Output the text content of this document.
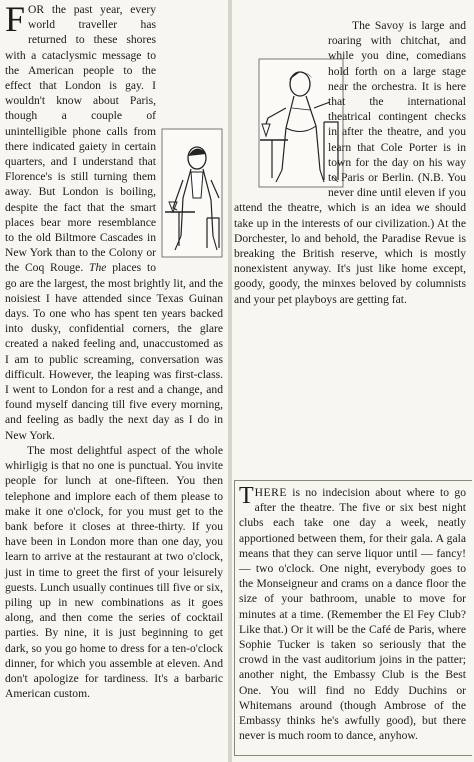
FOR the past year, every world traveller has returned to these shores with a cataclysmic message to the American people to the effect that London is gay. I wouldn't know about Paris, though a couple of unintelligible phone calls from there indicated gaiety in certain quarters, and I understand that Florence's is still turning them away. But London is boiling, despite the fact that the smart places bear more resemblance to the old Biltmore Cascades in New York than to the Colony or the Coq Rouge. The places to go are the largest, the most brightly lit, and the noisiest I have attended since Texas Guinan days. To one who has spent ten years backed into dusky, confidential corners, the glare created a naked feeling and, unaccustomed as I am to public screaming, conversation was difficult. However, the leaping was first-class. I went to London for a rest and a change, and found myself dancing till five every morning, and feeling as badly the next day as I do in New York.

The most delightful aspect of the whole whirligig is that no one is punctual. You invite people for lunch at one-fifteen. You then telephone and implore each of them please to make it one o'clock, for you must get to the bank before it closes at three-thirty. If you have been in London more than one day, you learn to arrive at the restaurant at two o'clock, just in time to greet the first of your leisurely guests. Lunch usually continues till five or six, piling up in new combinations as it goes along, and then come the series of cocktail parties. By nine, it is just beginning to get dark, so you go home to dress for a ten-o'clock dinner, for which you assemble at eleven. And don't apologize for tardiness. It's a barbaric American custom.

The Savoy is large and roaring with chitchat, and while you dine, comedians hold forth on a large stage near the orchestra. It is here that the international theatrical contingent checks in after the theatre, and you learn that Cole Porter is in town for the day on his way to Paris or Berlin. (N.B. You never dine until eleven if you attend the theatre, which is an idea we should take up in the interests of our civilization.) At the Dorchester, lo and behold, the Paradise Revue is breaking the British reserve, which is mostly nonexistent anyway. It's just like home except, goody, goody, the minxes beloved by columnists and your pet playboys are getting fat.

THERE is no indecision about where to go after the theatre. The five or six best night clubs each take one day a week, neatly apportioned between them, for their gala. A gala means that they can serve liquor until — fancy! — two o'clock. One night, everybody goes to the Monseigneur and crams on a dance floor the size of your bathroom, unable to move for minutes at a time. (Remember the El Fey Club? Like that.) Or it will be the Café de Paris, where Sophie Tucker is taken so seriously that the crowd in the vast auditorium joins in the patter; another night, the Embassy Club is the Best One. You will find no Eddy Duchins or Whitemans around (though Ambrose of the Embassy thinks he's awfully good), but there never is much room to dance, anyhow.
